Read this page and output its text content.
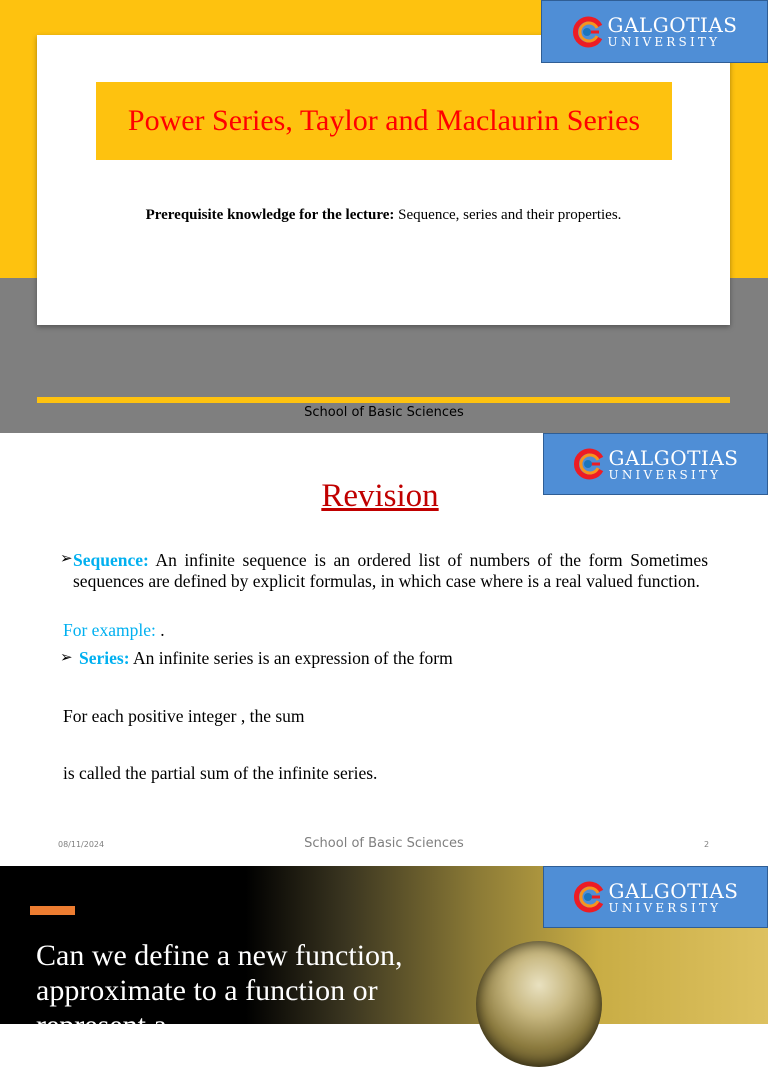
Power Series, Taylor and Maclaurin Series
Prerequisite knowledge for the lecture: Sequence, series and their properties.
School of Basic Sciences
GALGOTIAS
UNIVERSITY
GALGOTIAS
UNIVERSITY
Revision
➢ Sequence: An infinite sequence is an ordered list of numbers of the form Sometimes sequences are defined by explicit formulas, in which case where is a real valued function.
For example: .
➢ Series: An infinite series is an expression of the form
For each positive integer , the sum
is called the partial sum of the infinite series.
08/11/2024	School of Basic Sciences	2
Can we define a new function, approximate to a function or represent a
GALGOTIAS
UNIVERSITY
